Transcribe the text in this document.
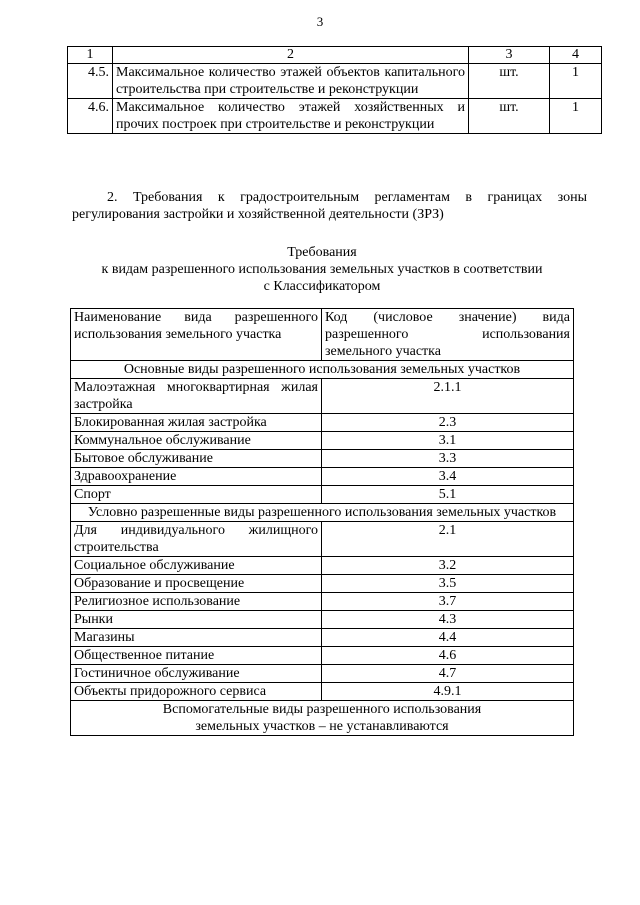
3
1	2	3	4
4.5.	Максимальное количество этажей объектов капитального строительства при строительстве и реконструкции	шт.	1
4.6.	Максимальное количество этажей хозяйственных и прочих построек при строительстве и реконструкции	шт.	1
2. Требования к градостроительным регламентам в границах зоны регулирования застройки и хозяйственной деятельности (ЗРЗ)
Требования
к видам разрешенного использования земельных участков в соответствии
с Классификатором
Наименование вида разрешенного использования земельного участка	Код (числовое значение) вида разрешенного использования земельного участка
Основные виды разрешенного использования земельных участков	

Малоэтажная многоквартирная жилая застройка	2.1.1
Блокированная жилая застройка	2.3
Коммунальное обслуживание	3.1
Бытовое обслуживание	3.3
Здравоохранение	3.4
Спорт	5.1
Условно разрешенные виды разрешенного использования земельных участков	

Для индивидуального жилищного строительства	2.1
Социальное обслуживание	3.2
Образование и просвещение	3.5
Религиозное использование	3.7
Рынки	4.3
Магазины	4.4
Общественное питание	4.6
Гостиничное обслуживание	4.7
Объекты придорожного сервиса	4.9.1

Вспомогательные виды разрешенного использования
земельных участков – не устанавливаются	
